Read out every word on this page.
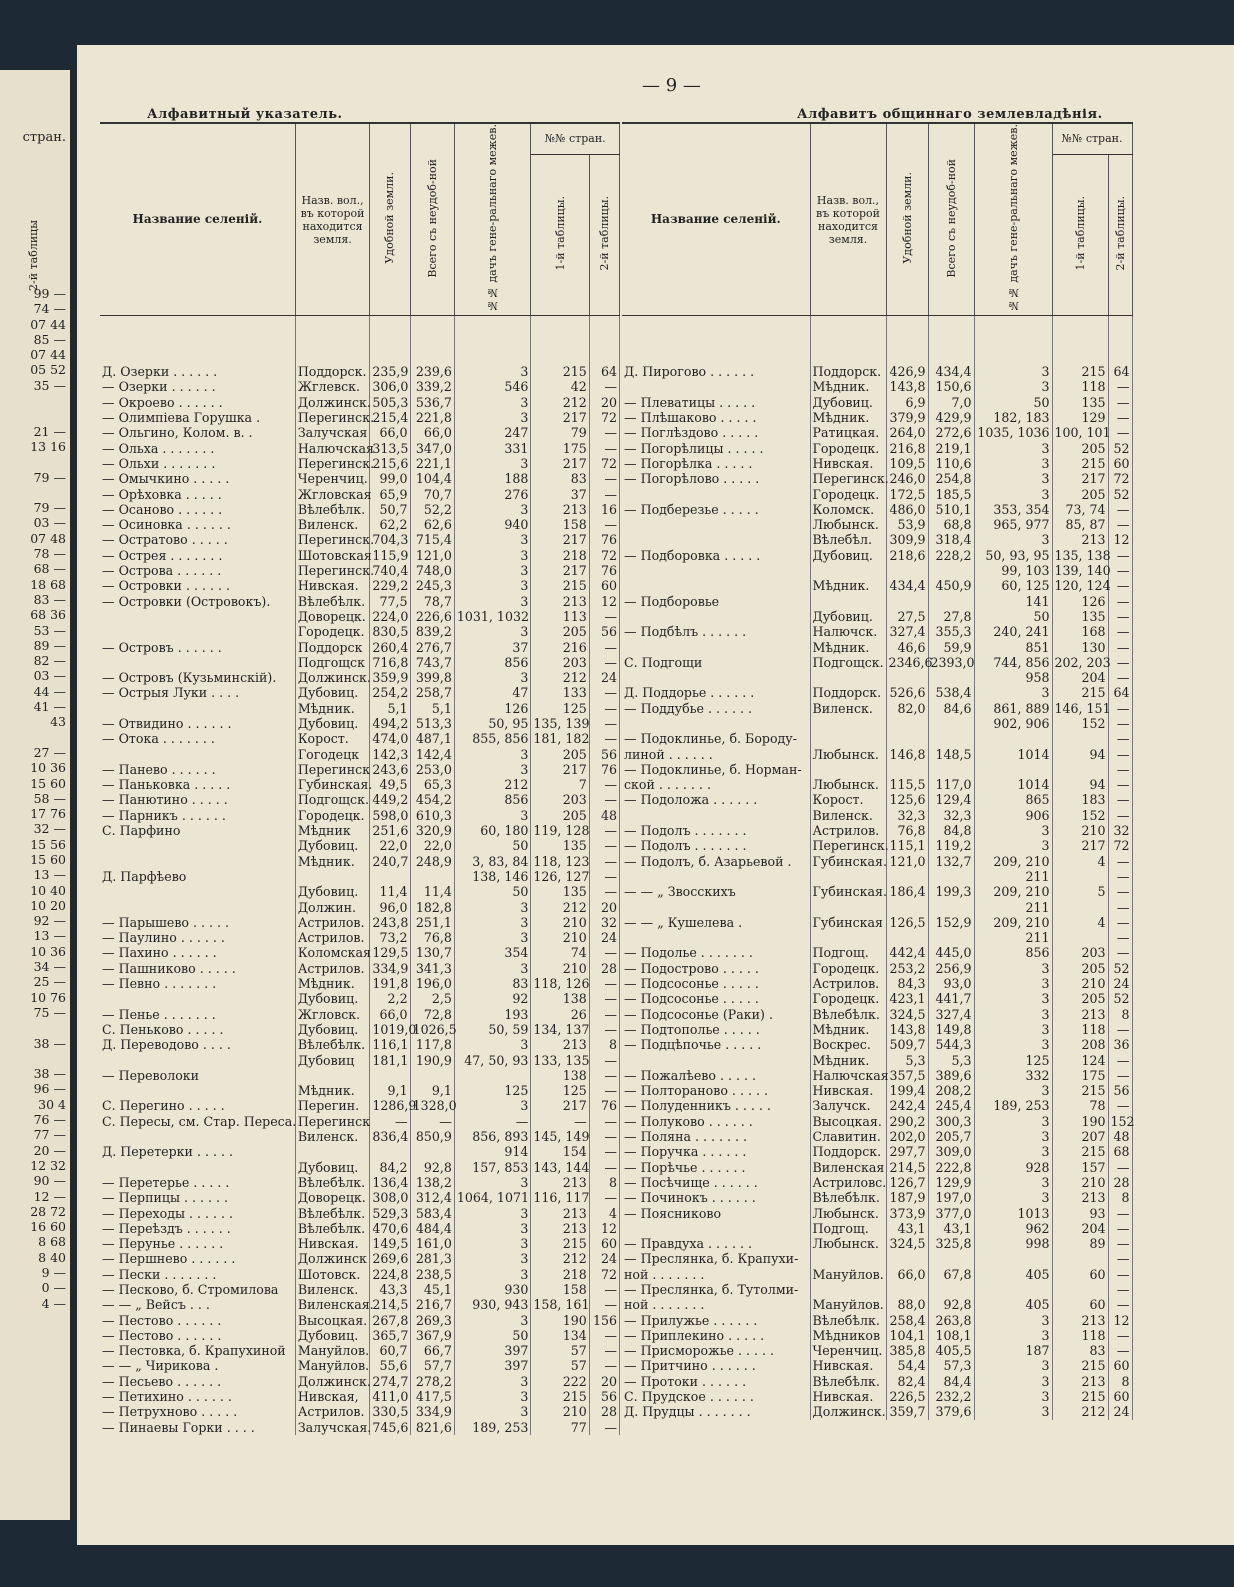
стран.
2-й таблицы
99 —
74 —
07 44
85 —
07 44
05 52
35 —

21 —
13 16

79 —

79 —
03 —
07 48
78 —
68 —
18 68
83 —
68 36
53 —
89 —
82 —
03 —
44 —
41 —
43

27 —
10 36
15 60
58 —
17 76
32 —
15 56
15 60
13 —
10 40
10 20
92 —
13 —
10 36
34 —
25 —
10 76
75 —

38 —

38 —
96 —
30 4
76 —
77 —
20 —
12 32
90 —
12 —
28 72
16 60
8 68
8 40
9 —
0 —
4 —
— 9 —
Алфавитный указатель.	Алфавитъ общиннаго землевладѣнія.
Название селеній.	Назв. вол., въ которой находится земля.	Удобной земли.	Всего съ неудоб-ной	№№ дачъ гене-ральнаго межев.	№№ стран.	
					1-й таблицы.	2-й таблицы.

Д. Озерки . . . . . .	Поддорск.	235,9	239,6	3	215	64
— Озерки . . . . . .	Жглевск.	306,0	339,2	546	42	—
— Окроево . . . . . .	Должинск.	505,3	536,7	3	212	20
— Олимпіева Горушка .	Перегинск.	215,4	221,8	3	217	72
— Ольгино, Колом. в. .	Залучская	66,0	66,0	247	79	—
— Ольха . . . . . . .	Налючская	313,5	347,0	331	175	—
— Ольхи . . . . . . .	Перегинск.	215,6	221,1	3	217	72
— Омычкино . . . . .	Черенчиц.	99,0	104,4	188	83	—
— Орѣховка . . . . .	Жгловская	65,9	70,7	276	37	—
— Осаново . . . . . .	Вѣлебѣлк.	50,7	52,2	3	213	16
— Осиновка . . . . . .	Виленск.	62,2	62,6	940	158	—
— Остратово . . . . .	Перегинск.	704,3	715,4	3	217	76
— Острея . . . . . . .	Шотовская	115,9	121,0	3	218	72
— Острова . . . . . .	Перегинск.	740,4	748,0	3	217	76
— Островки . . . . . .	Нивская.	229,2	245,3	3	215	60
— Островки (Островокъ).	Вѣлебѣлк.	77,5	78,7	3	213	12
	Доворецк.	224,0	226,6	1031, 1032	113	—
	Городецк.	830,5	839,2	3	205	56
— Островъ . . . . . .	Поддорск	260,4	276,7	37	216	—
	Подгощск	716,8	743,7	856	203	—
— Островъ (Кузьминскій).	Должинск.	359,9	399,8	3	212	24
— Острыя Луки . . . .	Дубовиц.	254,2	258,7	47	133	—
	Мѣдник.	5,1	5,1	126	125	—
— Отвидино . . . . . .	Дубовиц.	494,2	513,3	50, 95	135, 139	—
— Отока . . . . . . .	Корост.	474,0	487,1	855, 856	181, 182	—
	Гогодецк	142,3	142,4	3	205	56
— Панево . . . . . .	Перегинск	243,6	253,0	3	217	76
— Паньковка . . . . .	Губинская.	49,5	65,3	212	7	—
— Панютино . . . . .	Подгощск.	449,2	454,2	856	203	—
— Парникъ . . . . . .	Городецк.	598,0	610,3	3	205	48
С. Парфино	Мѣдник	251,6	320,9	60, 180	119, 128	—
	Дубовиц.	22,0	22,0	50	135	—
	Мѣдник.	240,7	248,9	3, 83, 84	118, 123	—
Д. Парфѣево				138, 146	126, 127	—
	Дубовиц.	11,4	11,4	50	135	—
	Должин.	96,0	182,8	3	212	20
— Парышево . . . . .	Астрилов.	243,8	251,1	3	210	32
— Паулино . . . . . .	Астрилов.	73,2	76,8	3	210	24
— Пахино . . . . . .	Коломская	129,5	130,7	354	74	—
— Пашниково . . . . .	Астрилов.	334,9	341,3	3	210	28
— Певно . . . . . . .	Мѣдник.	191,8	196,0	83	118, 126	—
	Дубовиц.	2,2	2,5	92	138	—
— Пенье . . . . . . .	Жгловск.	66,0	72,8	193	26	—
С. Пеньково . . . . .	Дубовиц.	1019,0	1026,5	50, 59	134, 137	—
Д. Переводово . . . .	Вѣлебѣлк.	116,1	117,8	3	213	8
	Дубовиц	181,1	190,9	47, 50, 93	133, 135	—
— Переволоки					138	—
	Мѣдник.	9,1	9,1	125	125	—
С. Перегино . . . . .	Перегин.	1286,9	1328,0	3	217	76
С. Пересы, см. Стар. Переса.	Перегинск	—	—	—	—	—
	Виленск.	836,4	850,9	856, 893	145, 149	—
Д. Перетерки . . . . .				914	154	—
	Дубовиц.	84,2	92,8	157, 853	143, 144	—
— Перетерье . . . . .	Вѣлебѣлк.	136,4	138,2	3	213	8
— Перпицы . . . . . .	Доворецк.	308,0	312,4	1064, 1071	116, 117	—
— Переходы . . . . . .	Вѣлебѣлк.	529,3	583,4	3	213	4
— Переѣздъ . . . . . .	Вѣлебѣлк.	470,6	484,4	3	213	12
— Перунье . . . . . .	Нивская.	149,5	161,0	3	215	60
— Першнево . . . . . .	Должинск	269,6	281,3	3	212	24
— Пески . . . . . . .	Шотовск.	224,8	238,5	3	218	72
— Песково, б. Стромилова	Виленск.	43,3	45,1	930	158	—
— — „ Вейсъ . . .	Виленская.	214,5	216,7	930, 943	158, 161	—
— Пестово . . . . . .	Высоцкая.	267,8	269,3	3	190	156
— Пестово . . . . . .	Дубовиц.	365,7	367,9	50	134	—
— Пестовка, б. Крапухиной	Мануйлов.	60,7	66,7	397	57	—
— — „ Чирикова .	Мануйлов.	55,6	57,7	397	57	—
— Песьево . . . . . .	Должинск.	274,7	278,2	3	222	20
— Петихино . . . . . .	Нивская,	411,0	417,5	3	215	56
— Петрухново . . . . .	Астрилов.	330,5	334,9	3	210	28
— Пинаевы Горки . . . .	Залучская.	745,6	821,6	189, 253	77	—
Название селеній.	Назв. вол., въ которой находится земля.	Удобной земли.	Всего съ неудоб-ной	№№ дачъ гене-ральнаго межев.	№№ стран.	
					1-й таблицы.	2-й таблицы.

Д. Пирогово . . . . . .	Поддорск.	426,9	434,4	3	215	64
	Мѣдник.	143,8	150,6	3	118	—
— Плеватицы . . . . .	Дубовиц.	6,9	7,0	50	135	—
— Плѣшаково . . . . .	Мѣдник.	379,9	429,9	182, 183	129	—
— Поглѣздово . . . . .	Ратицкая.	264,0	272,6	1035, 1036	100, 101	—
— Погорѣлицы . . . . .	Городецк.	216,8	219,1	3	205	52
— Погорѣлка . . . . .	Нивская.	109,5	110,6	3	215	60
— Погорѣлово . . . . .	Перегинск.	246,0	254,8	3	217	72
	Городецк.	172,5	185,5	3	205	52
— Подберезье . . . . .	Коломск.	486,0	510,1	353, 354	73, 74	—
	Любынск.	53,9	68,8	965, 977	85, 87	—
	Вѣлебѣл.	309,9	318,4	3	213	12
— Подборовка . . . . .	Дубовиц.	218,6	228,2	50, 93, 95	135, 138	—
				99, 103	139, 140	—
	Мѣдник.	434,4	450,9	60, 125	120, 124	—
— Подборовье				141	126	—
	Дубовиц.	27,5	27,8	50	135	—
— Подбѣлъ . . . . . .	Налючск.	327,4	355,3	240, 241	168	—
	Мѣдник.	46,6	59,9	851	130	—
С. Подгощи	Подгощск.	2346,6	2393,0	744, 856	202, 203	—
				958	204	—
Д. Поддорье . . . . . .	Поддорск.	526,6	538,4	3	215	64
— Поддубье . . . . . .	Виленск.	82,0	84,6	861, 889	146, 151	—
				902, 906	152	—
— Подоклинье, б. Бороду-						—
линой . . . . . .	Любынск.	146,8	148,5	1014	94	—
— Подоклинье, б. Норман-						—
ской . . . . . . .	Любынск.	115,5	117,0	1014	94	—
— Подоложа . . . . . .	Корост.	125,6	129,4	865	183	—
	Виленск.	32,3	32,3	906	152	—
— Подолъ . . . . . . .	Астрилов.	76,8	84,8	3	210	32
— Подолъ . . . . . . .	Перегинск.	115,1	119,2	3	217	72
— Подолъ, б. Азарьевой .	Губинская.	121,0	132,7	209, 210	4	—
				211		—
— — „ Звосскихъ	Губинская.	186,4	199,3	209, 210	5	—
				211		—
— — „ Кушелева .	Губинская	126,5	152,9	209, 210	4	—
				211		—
— Подолье . . . . . . .	Подгощ.	442,4	445,0	856	203	—
— Подострово . . . . .	Городецк.	253,2	256,9	3	205	52
— Подсосонье . . . . .	Астрилов.	84,3	93,0	3	210	24
— Подсосонье . . . . .	Городецк.	423,1	441,7	3	205	52
— Подсосонье (Раки) .	Вѣлебѣлк.	324,5	327,4	3	213	8
— Подтополье . . . . .	Мѣдник.	143,8	149,8	3	118	—
— Подцѣпочье . . . . .	Воскрес.	509,7	544,3	3	208	36
	Мѣдник.	5,3	5,3	125	124	—
— Пожалѣево . . . . .	Налючская	357,5	389,6	332	175	—
— Полтораново . . . . .	Нивская.	199,4	208,2	3	215	56
— Полуденникъ . . . . .	Залучск.	242,4	245,4	189, 253	78	—
— Полуково . . . . . .	Высоцкая.	290,2	300,3	3	190	152
— Поляна . . . . . . .	Славитин.	202,0	205,7	3	207	48
— Поручка . . . . . .	Поддорск.	297,7	309,0	3	215	68
— Порѣчье . . . . . .	Виленская	214,5	222,8	928	157	—
— Посѣчище . . . . . .	Астриловс.	126,7	129,9	3	210	28
— Починокъ . . . . . .	Вѣлебѣлк.	187,9	197,0	3	213	8
— Поясниково	Любынск.	373,9	377,0	1013	93	—
	Подгощ.	43,1	43,1	962	204	—
— Правдуха . . . . . .	Любынск.	324,5	325,8	998	89	—
— Преслянка, б. Крапухи-						—
ной . . . . . . .	Мануйлов.	66,0	67,8	405	60	—
— Преслянка, б. Тутолми-						—
ной . . . . . . .	Мануйлов.	88,0	92,8	405	60	—
— Прилужье . . . . . .	Вѣлебѣлк.	258,4	263,8	3	213	12
— Приплекино . . . . .	Мѣдников	104,1	108,1	3	118	—
— Присморожье . . . . .	Черенчиц.	385,8	405,5	187	83	—
— Притчино . . . . . .	Нивская.	54,4	57,3	3	215	60
— Протоки . . . . . .	Вѣлебѣлк.	82,4	84,4	3	213	8
С. Прудское . . . . . .	Нивская.	226,5	232,2	3	215	60
Д. Прудцы . . . . . . .	Должинск.	359,7	379,6	3	212	24
